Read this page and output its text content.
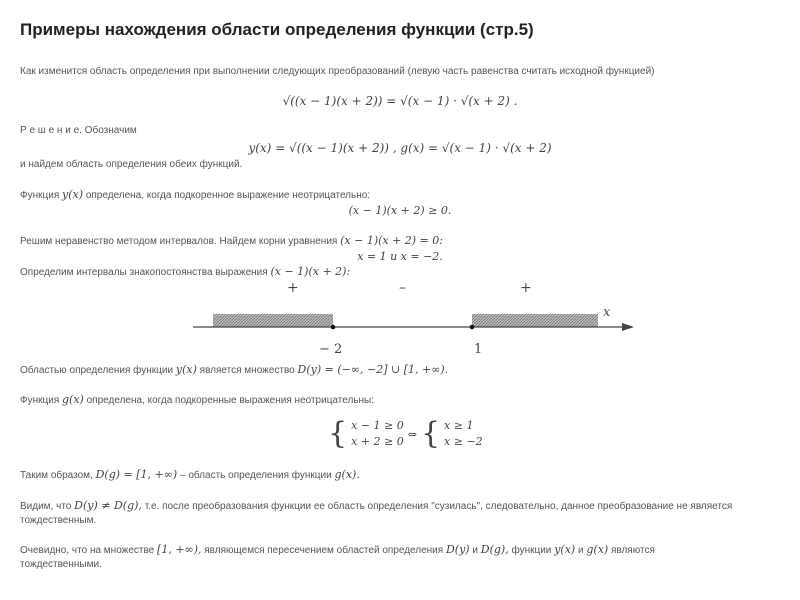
Примеры нахождения области определения функции (стр.5)
Как изменится область определения при выполнении следующих преобразований (левую часть равенства считать исходной функцией)
√((x − 1)(x + 2)) = √(x − 1) · √(x + 2) .
Р е ш е н и е. Обозначим
y(x) = √((x − 1)(x + 2)) , g(x) = √(x − 1) · √(x + 2)
и найдем область определения обеих функций.
Функция y(x) определена, когда подкоренное выражение неотрицательно:
(x − 1)(x + 2) ≥ 0.
Решим неравенство методом интервалов. Найдем корни уравнения (x − 1)(x + 2) = 0:
x = 1 и x = −2.
Определим интервалы знакопостоянства выражения (x − 1)(x + 2):
+	–	+
x
− 2	1
Областью определения функции y(x) является множество D(y) = (−∞, −2] ∪ [1, +∞).
Функция g(x) определена, когда подкоренные выражения неотрицательны:
{ x − 1 ≥ 0
x + 2 ≥ 0
⇔ { x ≥ 1
x ≥ −2
Таким образом, D(g) = [1, +∞) – область определения функции g(x).
Видим, что D(y) ≠ D(g), т.е. после преобразования функции ее область определения "сузилась", следовательно, данное преобразование не является
тождественным.
Очевидно, что на множестве [1, +∞), являющемся пересечением областей определения D(y) и D(g), функции y(x) и g(x) являются
тождественными.
